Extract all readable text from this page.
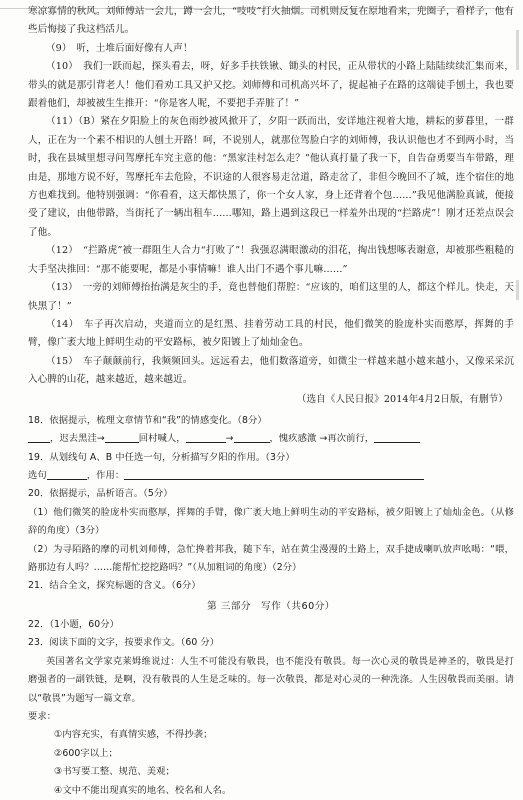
寒凉寡情的秋风。刘师傅站一会儿，蹲一会儿，“吱吱”打火抽烟。司机则反复在原地看来，兜圈子，看样子，他有些后悔接了我这档活儿。

（9）　听，土堆后面好像有人声！

（10）　我们一跃而起，探头看去，呀，好多手扶铁锹、锄头的村民，正从带状的小路上陆陆续续汇集而来，带头的就是那引背老人！他们看劝工具又护又挖。刘师傅和司机高兴坏了，捉起袖子在路的这端徒手刨土，我也要跟着他们，却被被生生推开：“你是客人呢，不要把手弄脏了！”

（11）（B）紧在夕阳脸上的灰色雨纱被风掀开了，夕阳一跃而出，安详地注视着大地，耕耘的萝暮里，一群人，正在为一个素不相识的人刨土开路！呵，不说别人，就那位驾脸白字的刘师傅，我认识他也才不到两小时，当时，我在县城里想寻问驾摩托车究主意的他：“黑家洼村怎么走？”他认真打量了我一下，自告奋勇要当车带路，理由是，那地方说不好，驾摩托车去危险，不识途的人很容易走岔道，路走岔了，非但今晚回不了城，连个宿住的地方也难找到。他特别强调：“你看看，这天都快黑了，你一个女人家，身上还背着个包……”我见他满脸真诚，便接受了建议，由他带路，当街托了一辆出租车……哪知，路上遇到这段已一样羞外出现的“拦路虎”！刚才还差点误会了他。

（12）　“拦路虎”被一群阻生人合力“打败了”！我强忍满眼激动的泪花，掏出钱想啄表谢意，却被那些粗糙的大手坚决推回：“那不能要呢，都是小事情嘛！谁人出门不遇个事儿嘛……”

（13）　一旁的刘师傅抬抬满是灰尘的手，竟也替他们帮腔：“应该的，咱们这里的人，都这个样儿。快走，天快黑了！”

（14）　车子再次启动，夹道而立的是红黑、挂着劳动工具的村民，他们微笑的脸庞朴实而憨厚，挥舞的手臂，像广袤大地上鲜明生动的平安路标，被夕阳镀上了灿灿金色。

（15）　车子颠颠前行，我频频回头。远远看去，他们数落道旁，如微尘一样越来越小越来越小，又像采采沉入心脾的山花，越来越近，越来越近。

（选自《人民日报》2014年4月2日版，有删节）

18．依据提示，梳理文章情节和“我”的情感变化。（8分）

，迟去黑洼→	回村喊人，	→	，愧疚感激 →再次前行，

19．从划线句 A、B 中任选一句，分析描写夕阳的作用。（3分）

选句	，作用：

20．依据提示，品析语言。（5分）

（1）他们微笑的脸庞朴实而憨厚，挥舞的手臂，像广袤大地上鲜明生动的平安路标，被夕阳镀上了灿灿金色。（从修辞的角度）（3分）

（2）为寻陌路的摩的司机刘师傅，急忙搀着邦我，随下车，站在黄尘漫漫的土路上，双手捷成喇叭放声吆喝：“喂，路那边有人吗？……能帮忙挖挖路吗？”（从加粗词的角度）（2分）

21．结合全文，探究标题的含义。（6分）

第 三部分　写作（共60分）

22．（1小题，60分）

23．阅读下面的文字，按要求作文。（60 分）

英国著名文学家克莱姆维说过：人生不可能没有敬畏，也不能没有敬畏。每一次心灵的敬畏是神圣的，敬畏是打磨强者的一副铁链，是啊，没有敬畏的人生是乏味的。每一次敬畏，都是对心灵的一种洗涤。人生因敬畏而美丽。请以“敬畏”为题写一篇文章。

要求：

①内容充实，有真情实感，不得抄袭；

②600字以上；

③书写要工整、规范、美观；

④文中不能出现真实的地名、校名和人名。
